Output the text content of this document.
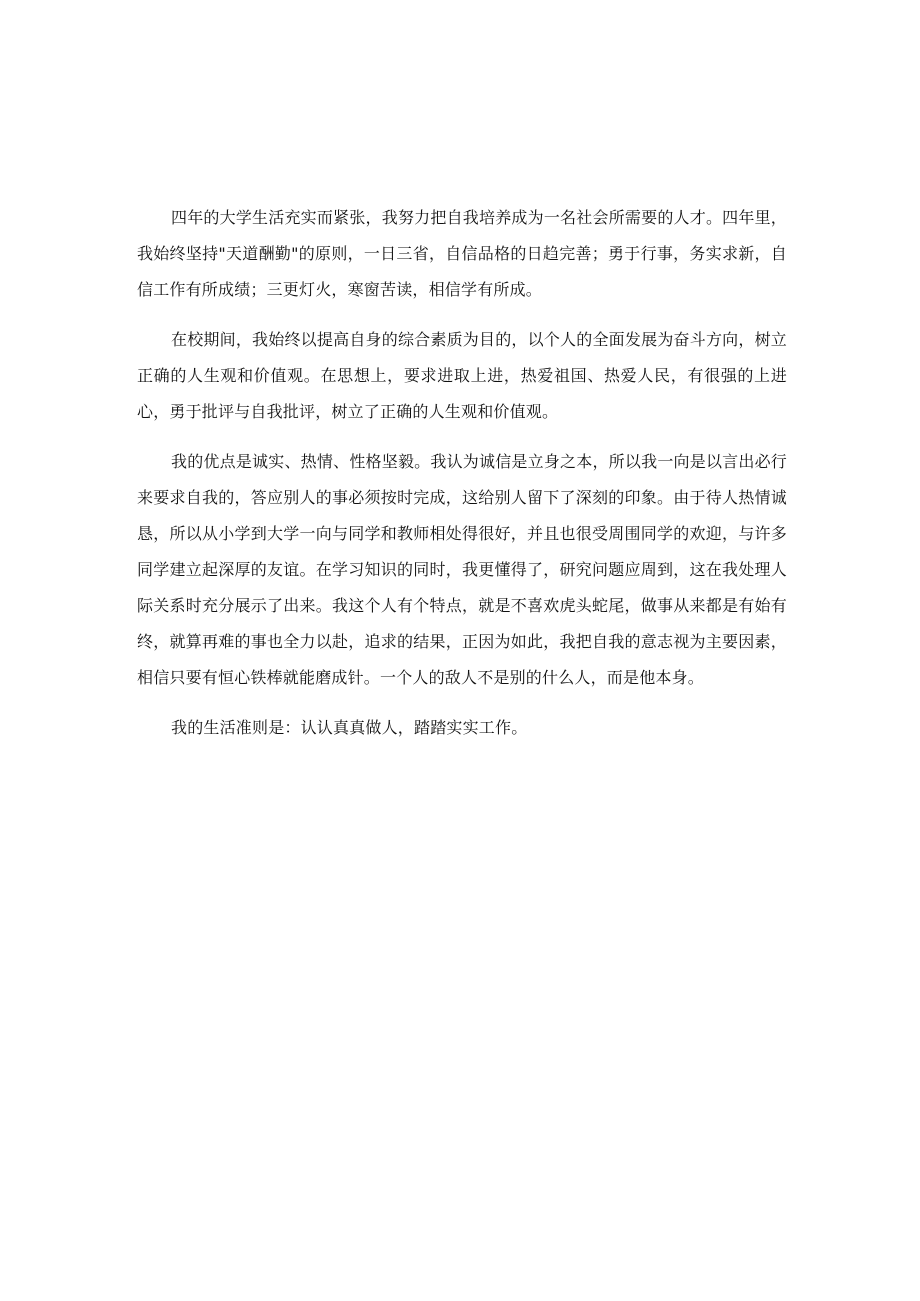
四年的大学生活充实而紧张，我努力把自我培养成为一名社会所需要的人才。四年里，我始终坚持"天道酬勤"的原则，一日三省，自信品格的日趋完善；勇于行事，务实求新，自信工作有所成绩；三更灯火，寒窗苦读，相信学有所成。

在校期间，我始终以提高自身的综合素质为目的，以个人的全面发展为奋斗方向，树立正确的人生观和价值观。在思想上，要求进取上进，热爱祖国、热爱人民，有很强的上进心，勇于批评与自我批评，树立了正确的人生观和价值观。

我的优点是诚实、热情、性格坚毅。我认为诚信是立身之本，所以我一向是以言出必行来要求自我的，答应别人的事必须按时完成，这给别人留下了深刻的印象。由于待人热情诚恳，所以从小学到大学一向与同学和教师相处得很好，并且也很受周围同学的欢迎，与许多同学建立起深厚的友谊。在学习知识的同时，我更懂得了，研究问题应周到，这在我处理人际关系时充分展示了出来。我这个人有个特点，就是不喜欢虎头蛇尾，做事从来都是有始有终，就算再难的事也全力以赴，追求的结果，正因为如此，我把自我的意志视为主要因素，相信只要有恒心铁棒就能磨成针。一个人的敌人不是别的什么人，而是他本身。

我的生活准则是：认认真真做人，踏踏实实工作。
